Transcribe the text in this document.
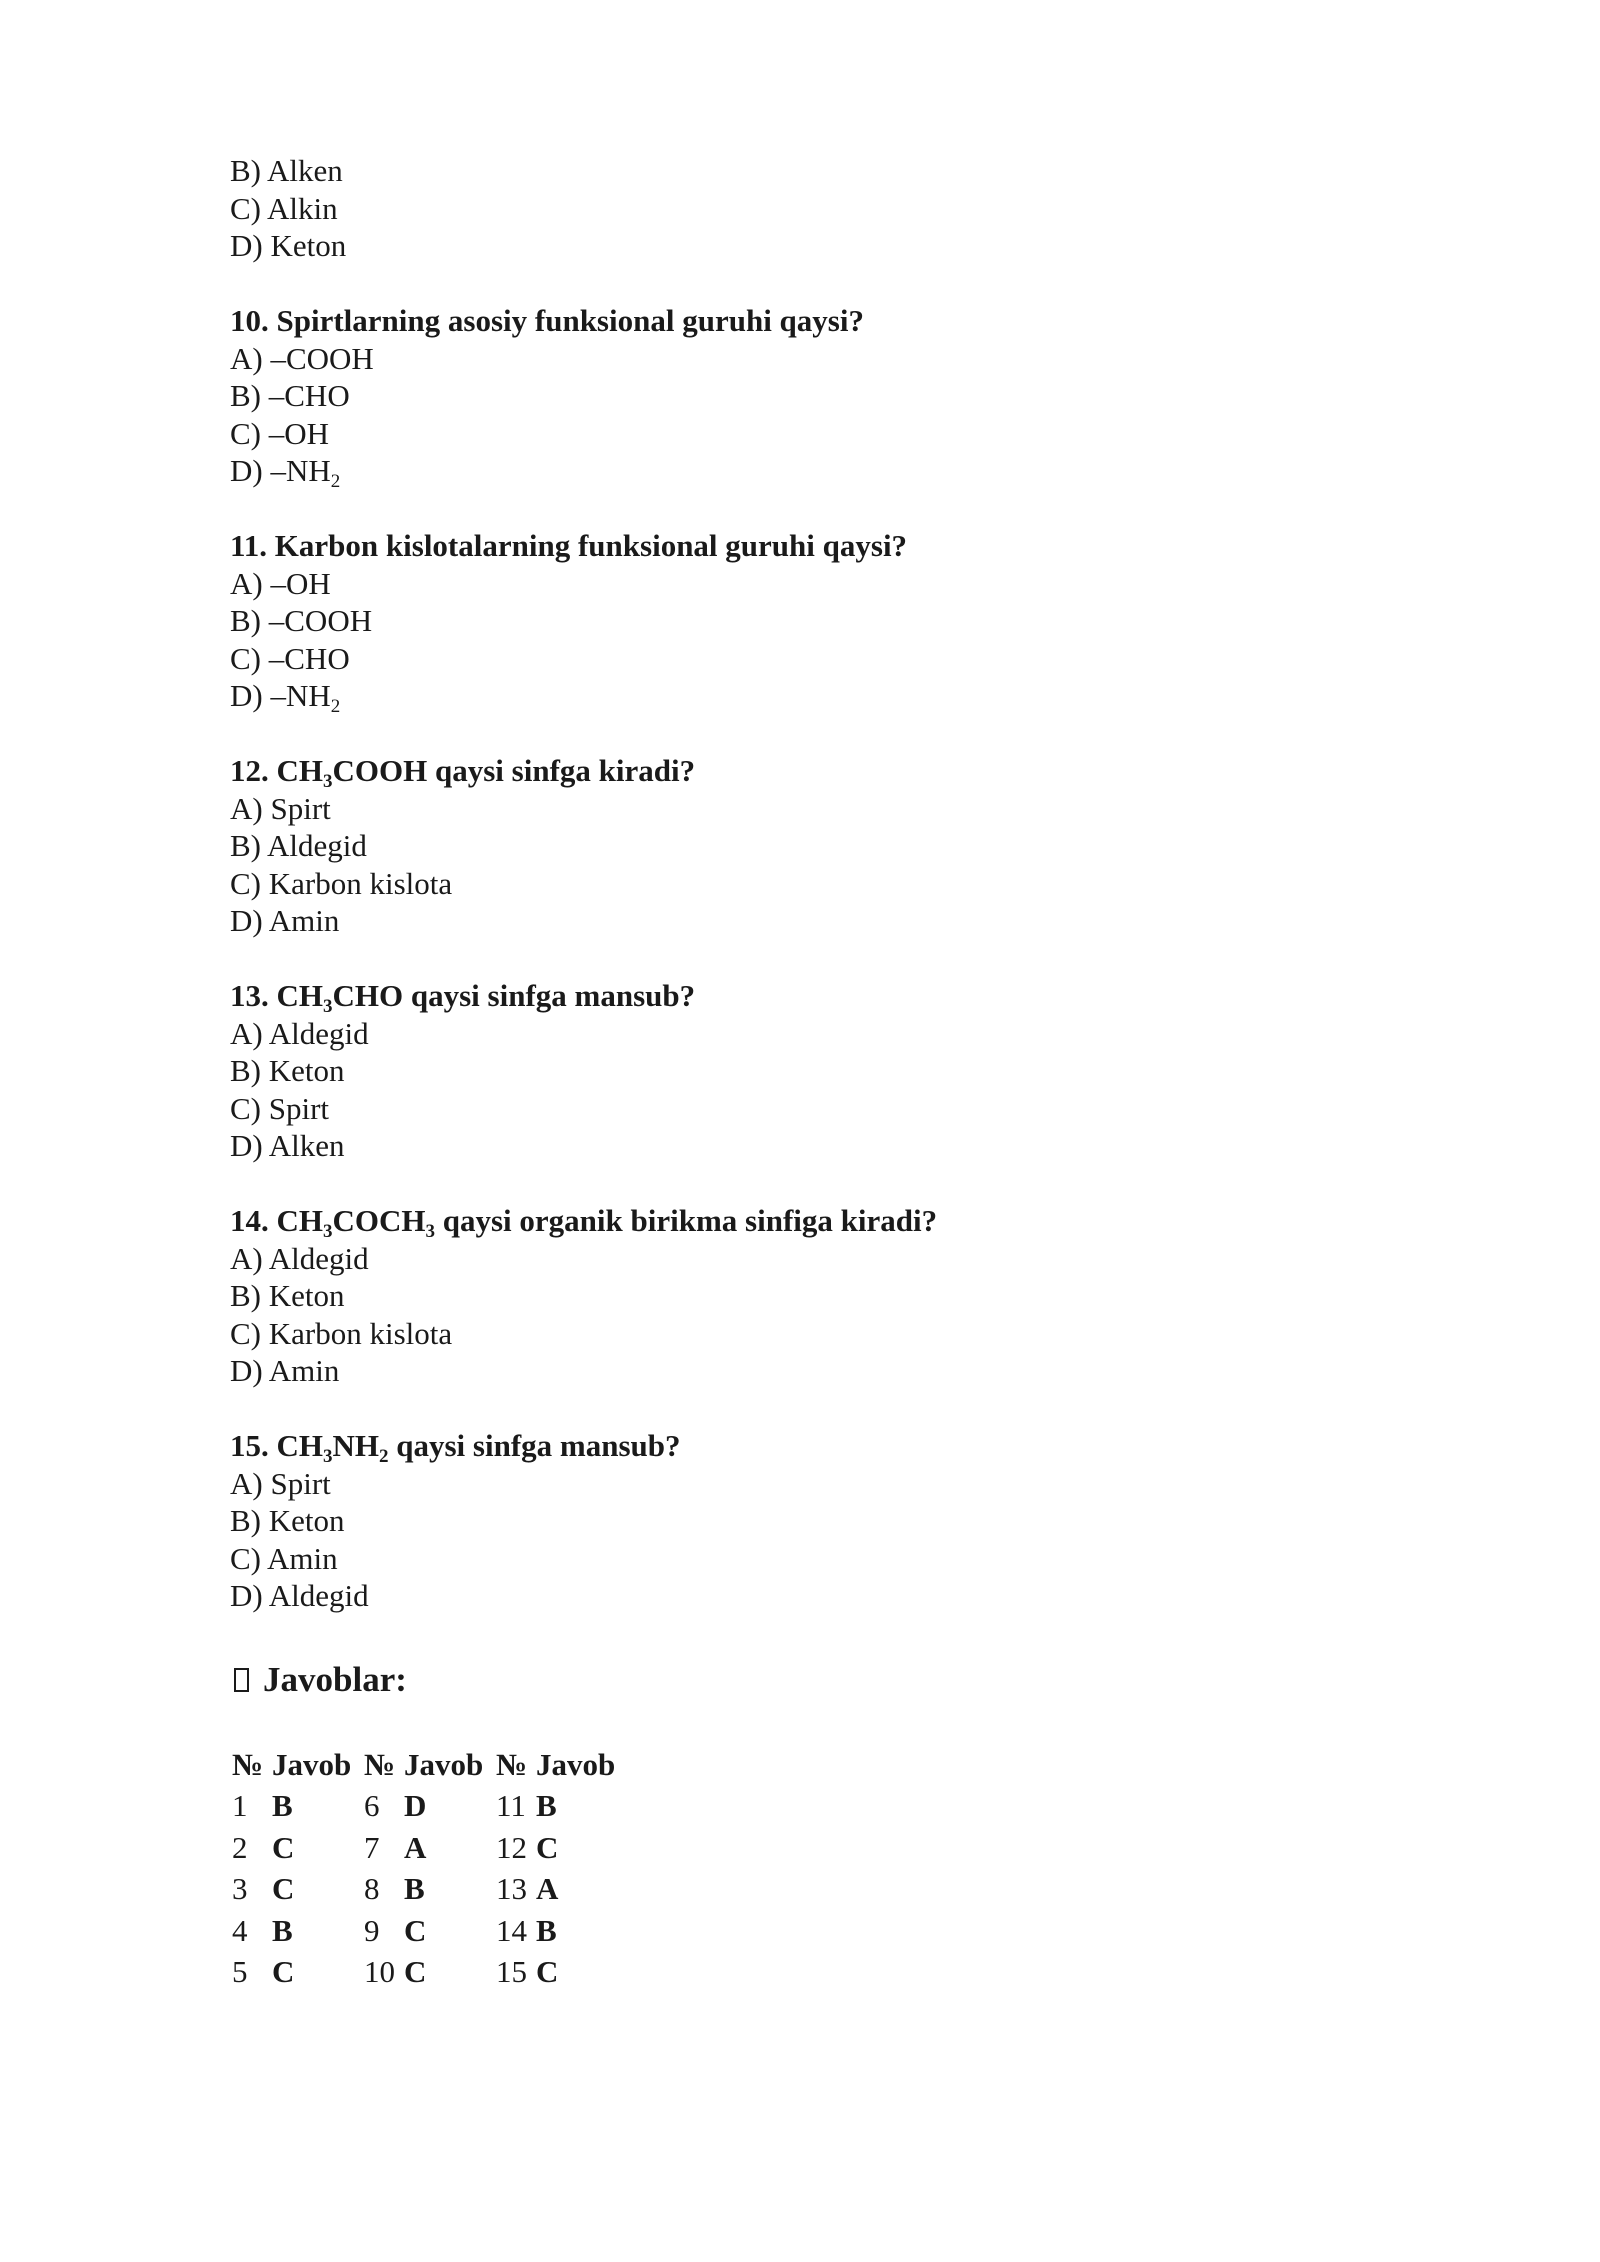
B) Alken
C) Alkin
D) Keton
10. Spirtlarning asosiy funksional guruhi qaysi?
A) –COOH
B) –CHO
C) –OH
D) $-NH_2$
11. Karbon kislotalarning funksional guruhi qaysi?
A) –OH
B) –COOH
C) –CHO
D) $-NH_2$
12. $CH_3COOH$ qaysi sinfga kiradi?
A) Spirt
B) Aldegid
C) Karbon kislota
D) Amin
13. $CH_3CHO$ qaysi sinfga mansub?
A) Aldegid
B) Keton
C) Spirt
D) Alken
14. $CH_3COCH_3$ qaysi organik birikma sinfiga kiradi?
A) Aldegid
B) Keton
C) Karbon kislota
D) Amin
15. $CH_3NH_2$ qaysi sinfga mansub?
A) Spirt
B) Keton
C) Amin
D) Aldegid
Javoblar:
№	Javob	№	Javob	№	Javob
1	B	6	D	11	B
2	C	7	A	12	C
3	C	8	B	13	A
4	B	9	C	14	B
5	C	10	C	15	C
